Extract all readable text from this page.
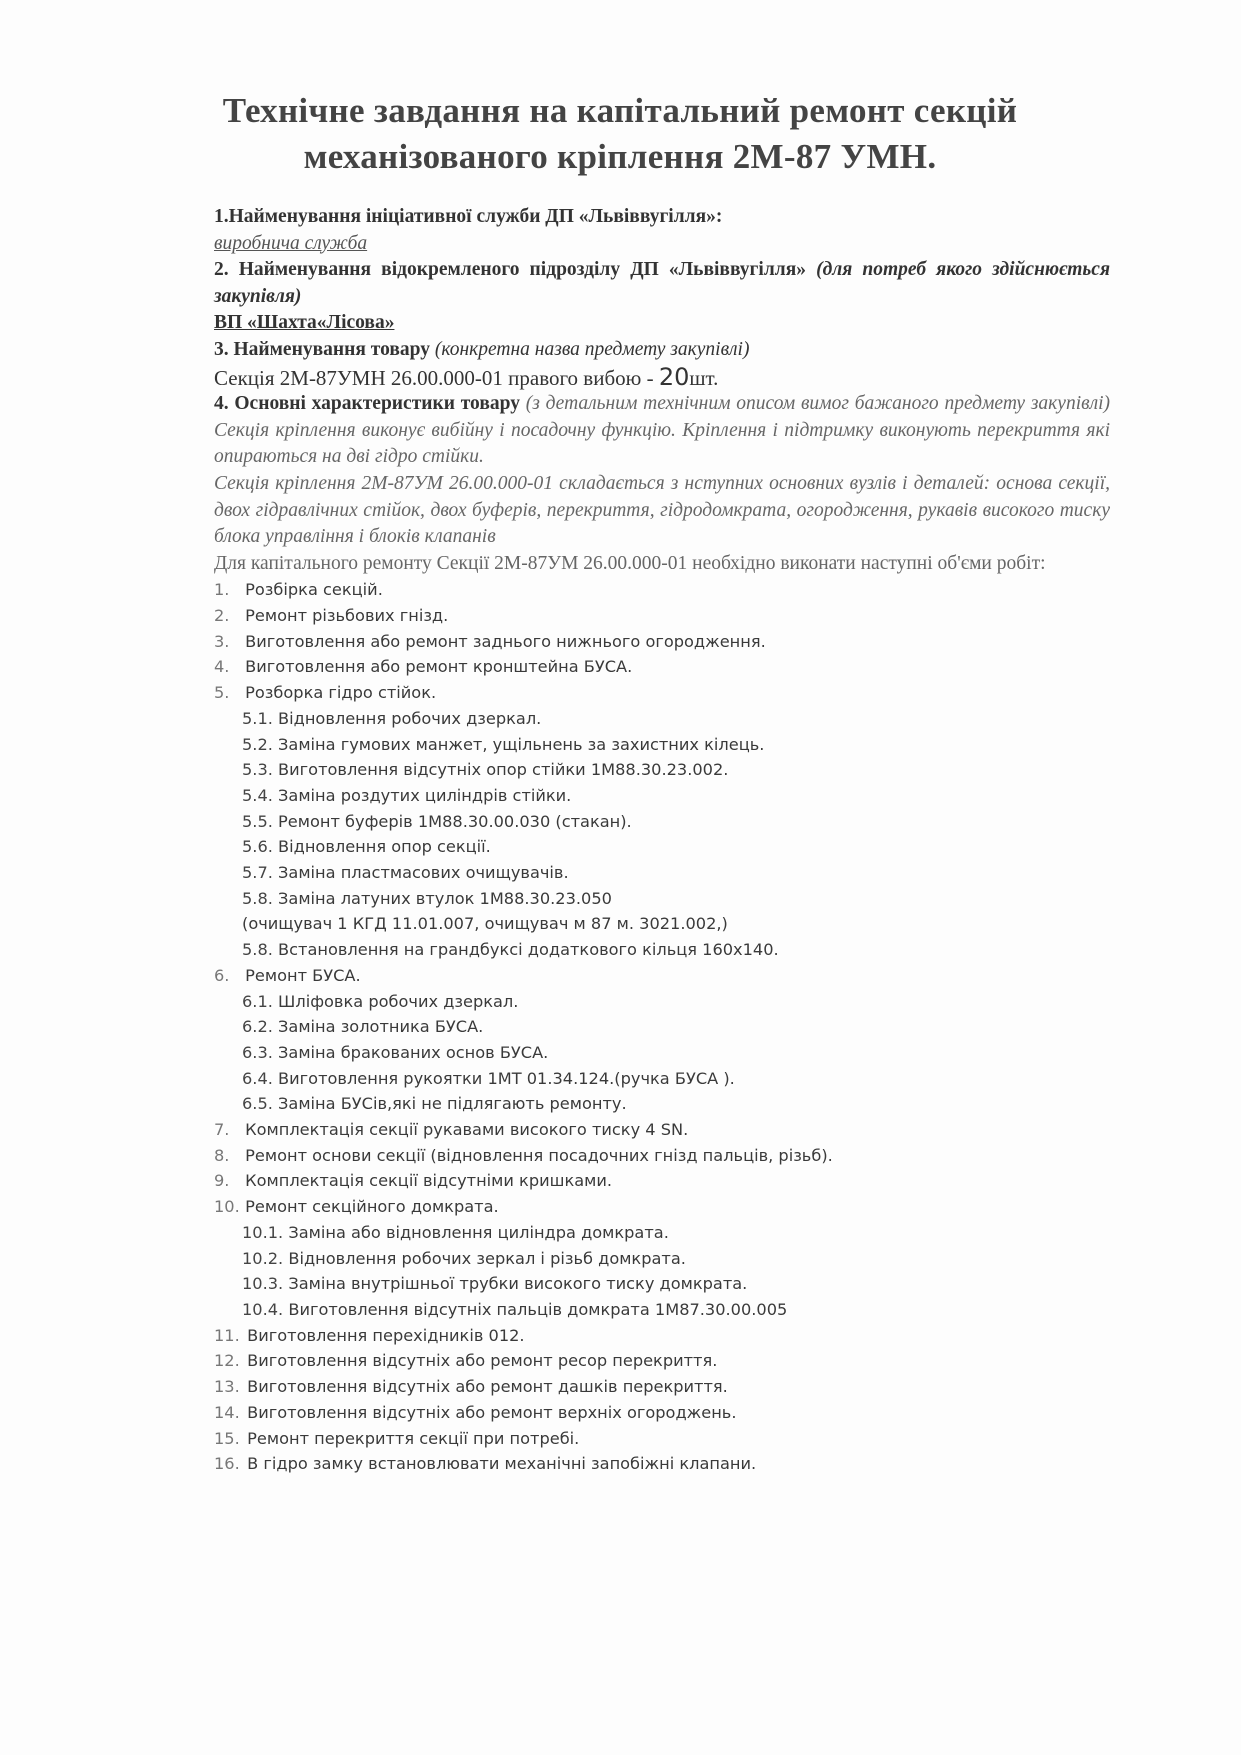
Технічне завдання на капітальний ремонт секцій
механізованого кріплення 2М-87 УМН.

1.Найменування ініціативної служби ДП «Львіввугілля»:

виробнича служба

2. Найменування відокремленого підрозділу ДП «Львіввугілля» (для потреб якого здійснюється закупівля)

ВП «Шахта«Лісова»

3. Найменування товару (конкретна назва предмету закупівлі)

Секція 2М-87УМН 26.00.000-01 правого вибою - 20шт.

4. Основні характеристики товару (з детальним технічним описом вимог бажаного предмету закупівлі) Секція кріплення виконує вибійну і посадочну функцію. Кріплення і підтримку виконують перекриття які опираються на дві гідро стійки.

Секція кріплення 2М-87УМ 26.00.000-01 складається з нступних основних вузлів і деталей: основа секції, двох гідравлічних стійок, двох буферів, перекриття, гідродомкрата, огородження, рукавів високого тиску блока управління і блоків клапанів

Для капітального ремонту Секції 2М-87УМ 26.00.000-01 необхідно виконати наступні об'єми робіт:

1. Розбірка секцій.
2. Ремонт різьбових гнізд.
3. Виготовлення або ремонт заднього нижнього огородження.
4. Виготовлення або ремонт кронштейна БУСА.
5. Розборка гідро стійок.
5.1. Відновлення робочих дзеркал.
5.2. Заміна гумових манжет, ущільнень за захистних кілець.
5.3. Виготовлення відсутніх опор стійки 1М88.30.23.002.
5.4. Заміна роздутих циліндрів стійки.
5.5. Ремонт буферів 1М88.30.00.030 (стакан).
5.6. Відновлення опор секції.
5.7. Заміна пластмасових очищувачів.
5.8. Заміна латуних втулок 1М88.30.23.050
(очищувач 1 КГД 11.01.007, очищувач м 87 м. 3021.002,)
5.8. Встановлення на грандбуксі додаткового кільця 160х140.
6. Ремонт БУСА.
6.1. Шліфовка робочих дзеркал.
6.2. Заміна золотника БУСА.
6.3. Заміна бракованих основ БУСА.
6.4. Виготовлення рукоятки 1МТ 01.34.124.(ручка БУСА ).
6.5. Заміна БУСів,які не підлягають ремонту.
7. Комплектація секції рукавами високого тиску 4 SN.
8. Ремонт основи секції (відновлення посадочних гнізд пальців, різьб).
9. Комплектація секції відсутніми кришками.
10. Ремонт секційного домкрата.
10.1. Заміна або відновлення циліндра домкрата.
10.2. Відновлення робочих зеркал і різьб домкрата.
10.3. Заміна внутрішньої трубки високого тиску домкрата.
10.4. Виготовлення відсутніх пальців домкрата 1М87.30.00.005
11. Виготовлення перехідників 012.
12. Виготовлення відсутніх або ремонт ресор перекриття.
13. Виготовлення відсутніх або ремонт дашків перекриття.
14. Виготовлення відсутніх або ремонт верхніх огороджень.
15. Ремонт перекриття секції при потребі.
16. В гідро замку встановлювати механічні запобіжні клапани.
